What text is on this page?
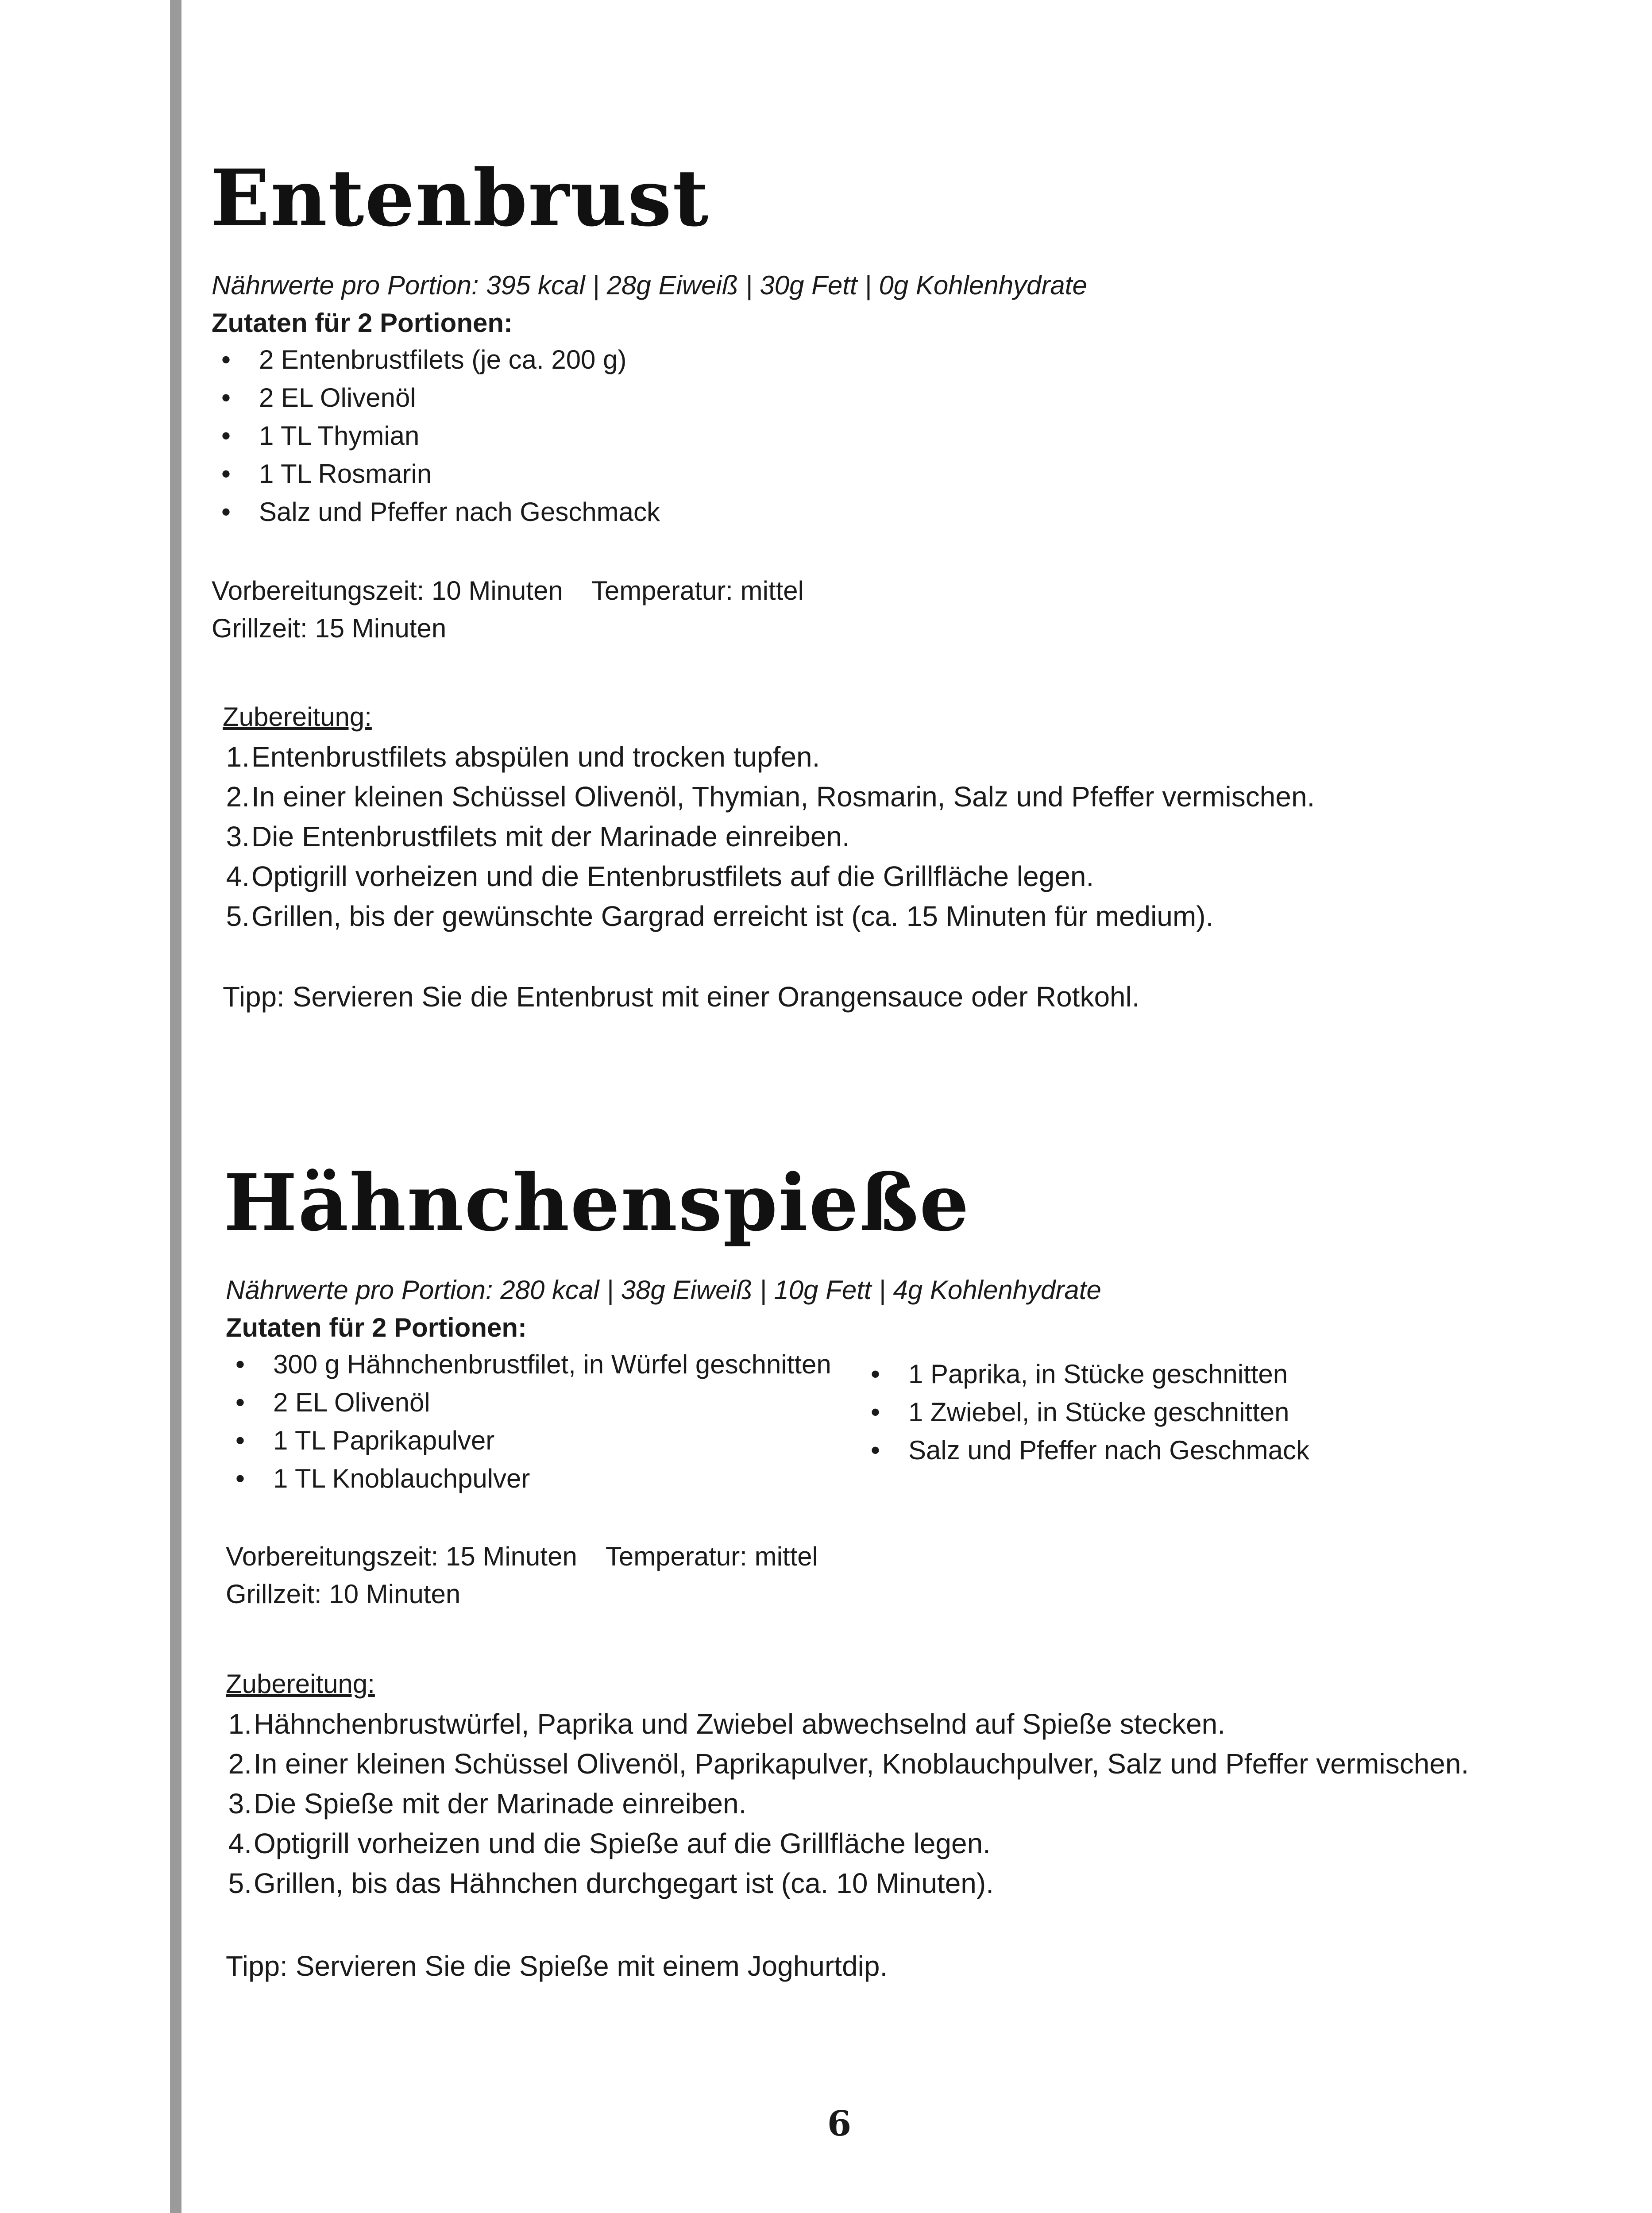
Entenbrust

Nährwerte pro Portion: 395 kcal | 28g Eiweiß | 30g Fett | 0g Kohlenhydrate

Zutaten für 2 Portionen:

• 2 Entenbrustfilets (je ca. 200 g)
• 2 EL Olivenöl
• 1 TL Thymian
• 1 TL Rosmarin
• Salz und Pfeffer nach Geschmack

Vorbereitungszeit: 10 Minuten Temperatur: mittel

Grillzeit: 15 Minuten

Zubereitung:

1.Entenbrustfilets abspülen und trocken tupfen.
2.In einer kleinen Schüssel Olivenöl, Thymian, Rosmarin, Salz und Pfeffer vermischen.
3.Die Entenbrustfilets mit der Marinade einreiben.
4.Optigrill vorheizen und die Entenbrustfilets auf die Grillfläche legen.
5.Grillen, bis der gewünschte Gargrad erreicht ist (ca. 15 Minuten für medium).

Tipp: Servieren Sie die Entenbrust mit einer Orangensauce oder Rotkohl.

Hähnchenspieße

Nährwerte pro Portion: 280 kcal | 38g Eiweiß | 10g Fett | 4g Kohlenhydrate

Zutaten für 2 Portionen:

• 300 g Hähnchenbrustfilet, in Würfel geschnitten
• 2 EL Olivenöl
• 1 TL Paprikapulver
• 1 TL Knoblauchpulver
• 1 Paprika, in Stücke geschnitten
• 1 Zwiebel, in Stücke geschnitten
• Salz und Pfeffer nach Geschmack

Vorbereitungszeit: 15 Minuten Temperatur: mittel

Grillzeit: 10 Minuten

Zubereitung:

1.Hähnchenbrustwürfel, Paprika und Zwiebel abwechselnd auf Spieße stecken.
2.In einer kleinen Schüssel Olivenöl, Paprikapulver, Knoblauchpulver, Salz und Pfeffer vermischen.
3.Die Spieße mit der Marinade einreiben.
4.Optigrill vorheizen und die Spieße auf die Grillfläche legen.
5.Grillen, bis das Hähnchen durchgegart ist (ca. 10 Minuten).

Tipp: Servieren Sie die Spieße mit einem Joghurtdip.

6
